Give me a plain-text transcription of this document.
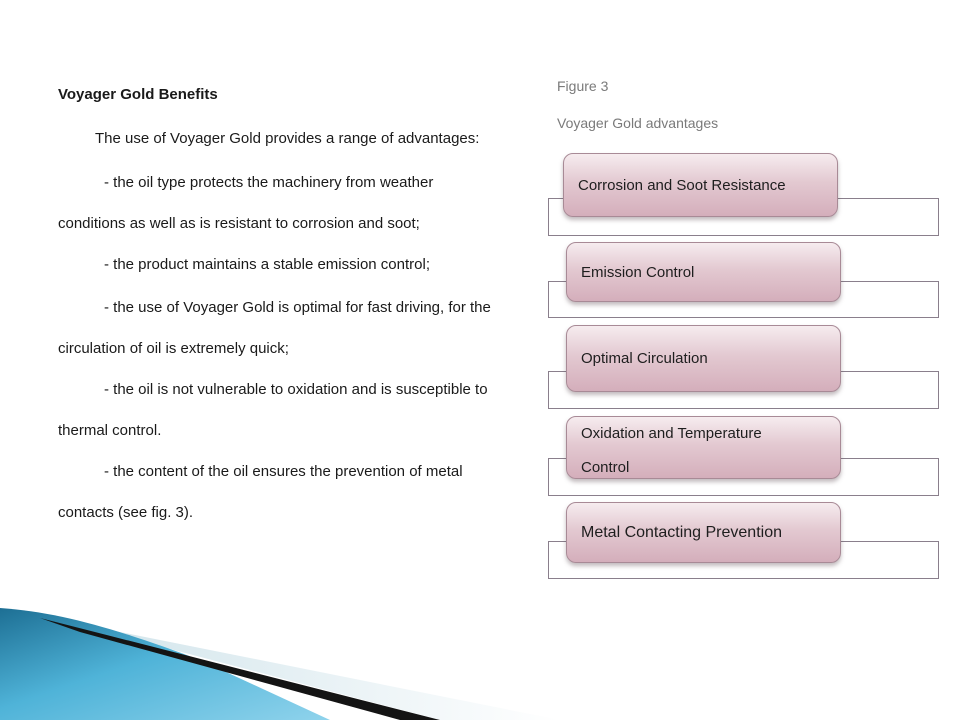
Voyager Gold Benefits
The use of Voyager Gold provides a range of advantages:
- the oil type protects the machinery from weather
conditions as well as is resistant to corrosion and soot;
- the product maintains a stable emission control;
- the use of Voyager Gold is optimal for fast driving, for the
circulation of oil is extremely quick;
- the oil is not vulnerable to oxidation and is susceptible to
thermal control.
- the content of the oil ensures the prevention of metal
contacts (see fig. 3).
Figure 3
Voyager Gold advantages
Corrosion and Soot Resistance
Emission Control
Optimal Circulation
Oxidation and Temperature
Control
Metal Contacting Prevention
